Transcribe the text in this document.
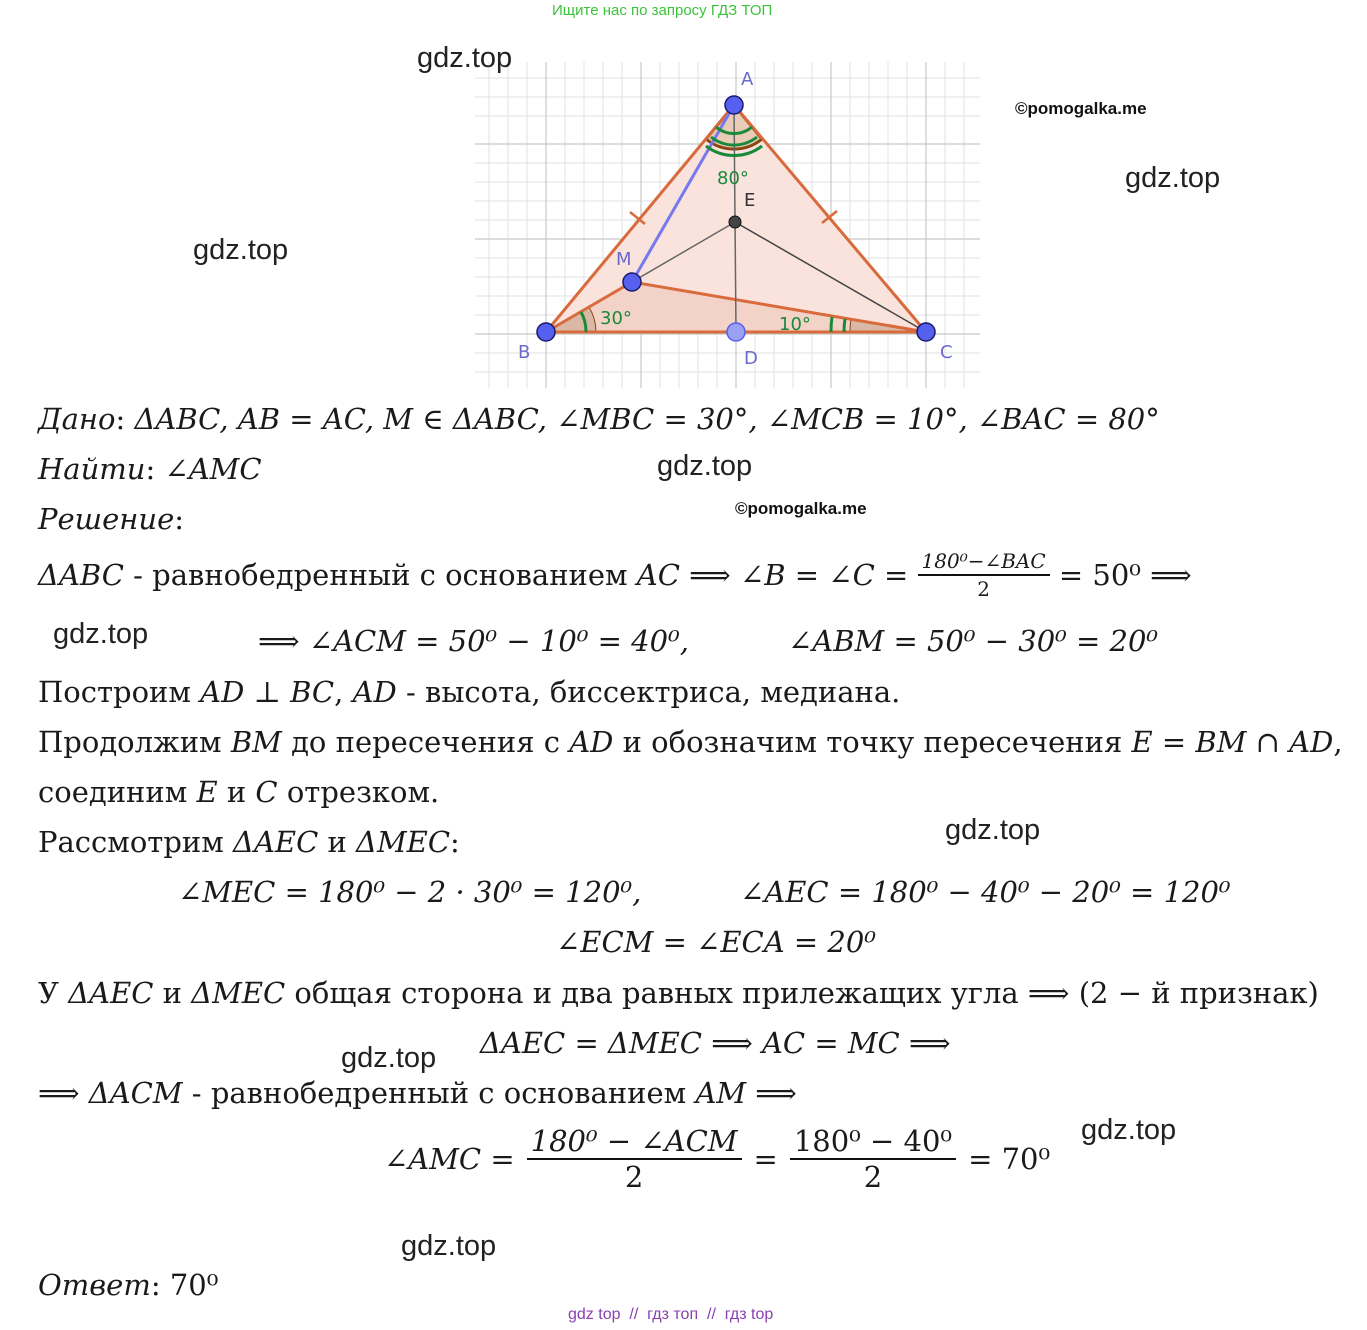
Ищите нас по запросу ГДЗ ТОП
A
B	C
D
E
M
80°
30°	10°
gdz.top
gdz.top
gdz.top
gdz.top
gdz.top
gdz.top
gdz.top
gdz.top
gdz.top
©pomogalka.me
©pomogalka.me
Дано: ΔABC, AB = AC, M ∈ ΔABC, ∠MBC = 30°, ∠MCB = 10°, ∠BAC = 80°
Найти: ∠AMC
Решение:
ΔABC - равнобедренный с основанием AC ⟹ ∠B = ∠C = $\frac{\text{180⁰−∠BAC}}{2} = 50^0$ ⟹
⟹ ∠ACM = 50⁰ − 10⁰ = 40⁰,	∠ABM = 50⁰ − 30⁰ = 20⁰
Построим AD ⊥ BC, AD - высота, биссектриса, медиана.
Продолжим BM до пересечения с AD и обозначим точку пересечения E = BM ∩ AD,
соединим E и C отрезком.
Рассмотрим ΔAEC и ΔMEC:
∠MEC = 180⁰ − 2 · 30⁰ = 120⁰,	∠AEC = 180⁰ − 40⁰ − 20⁰ = 120⁰
∠ECM = ∠ECA = 20⁰
У ΔAEC и ΔMEC общая сторона и два равных прилежащих угла ⟹ (2 − й признак)
ΔAEC = ΔMEC ⟹ AC = MC ⟹
⟹ ΔACM - равнобедренный с основанием AM ⟹
∠AMC = $\frac{\text{180⁰ − ∠ACM}}{2} = \frac{\text{180⁰ − 40⁰}}{2} = 70^0$
Ответ: 70⁰
gdz top  //  гдз топ  //  гдз top
